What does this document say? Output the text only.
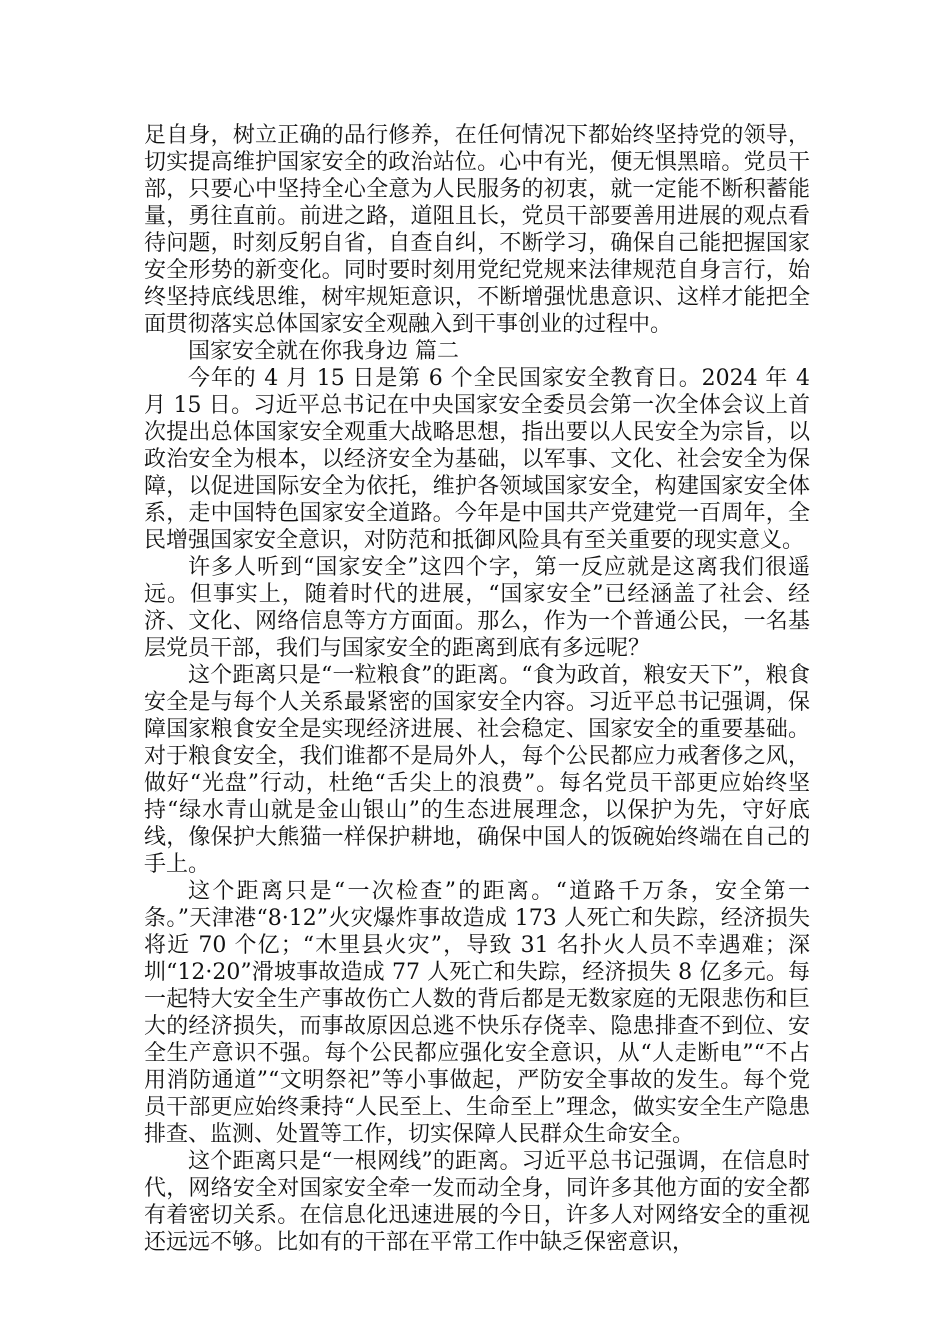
足自身，树立正确的品行修养，在任何情况下都始终坚持党的领导，切实提高维护国家安全的政治站位。心中有光，便无惧黑暗。党员干部，只要心中坚持全心全意为人民服务的初衷，就一定能不断积蓄能量，勇往直前。前进之路，道阻且长，党员干部要善用进展的观点看待问题，时刻反躬自省，自查自纠，不断学习，确保自己能把握国家安全形势的新变化。同时要时刻用党纪党规来法律规范自身言行，始终坚持底线思维，树牢规矩意识，不断增强忧患意识、这样才能把全面贯彻落实总体国家安全观融入到干事创业的过程中。

国家安全就在你我身边 篇二

今年的 4 月 15 日是第 6 个全民国家安全教育日。2024 年 4 月 15 日。习近平总书记在中央国家安全委员会第一次全体会议上首次提出总体国家安全观重大战略思想，指出要以人民安全为宗旨，以政治安全为根本，以经济安全为基础，以军事、文化、社会安全为保障，以促进国际安全为依托，维护各领域国家安全，构建国家安全体系，走中国特色国家安全道路。今年是中国共产党建党一百周年，全民增强国家安全意识，对防范和抵御风险具有至关重要的现实意义。

许多人听到“国家安全”这四个字，第一反应就是这离我们很遥远。但事实上，随着时代的进展，“国家安全”已经涵盖了社会、经济、文化、网络信息等方方面面。那么，作为一个普通公民，一名基层党员干部，我们与国家安全的距离到底有多远呢？

这个距离只是“一粒粮食”的距离。“食为政首，粮安天下”，粮食安全是与每个人关系最紧密的国家安全内容。习近平总书记强调，保障国家粮食安全是实现经济进展、社会稳定、国家安全的重要基础。对于粮食安全，我们谁都不是局外人，每个公民都应力戒奢侈之风，做好“光盘”行动，杜绝“舌尖上的浪费”。每名党员干部更应始终坚持“绿水青山就是金山银山”的生态进展理念，以保护为先，守好底线，像保护大熊猫一样保护耕地，确保中国人的饭碗始终端在自己的手上。

这个距离只是“一次检查”的距离。“道路千万条，安全第一条。”天津港“8·12”火灾爆炸事故造成 173 人死亡和失踪，经济损失将近 70 个亿；“木里县火灾”，导致 31 名扑火人员不幸遇难；深圳“12·20”滑坡事故造成 77 人死亡和失踪，经济损失 8 亿多元。每一起特大安全生产事故伤亡人数的背后都是无数家庭的无限悲伤和巨大的经济损失，而事故原因总逃不快乐存侥幸、隐患排查不到位、安全生产意识不强。每个公民都应强化安全意识，从“人走断电”“不占用消防通道”“文明祭祀”等小事做起，严防安全事故的发生。每个党员干部更应始终秉持“人民至上、生命至上”理念，做实安全生产隐患排查、监测、处置等工作，切实保障人民群众生命安全。

这个距离只是“一根网线”的距离。习近平总书记强调，在信息时代，网络安全对国家安全牵一发而动全身，同许多其他方面的安全都有着密切关系。在信息化迅速进展的今日，许多人对网络安全的重视还远远不够。比如有的干部在平常工作中缺乏保密意识，
